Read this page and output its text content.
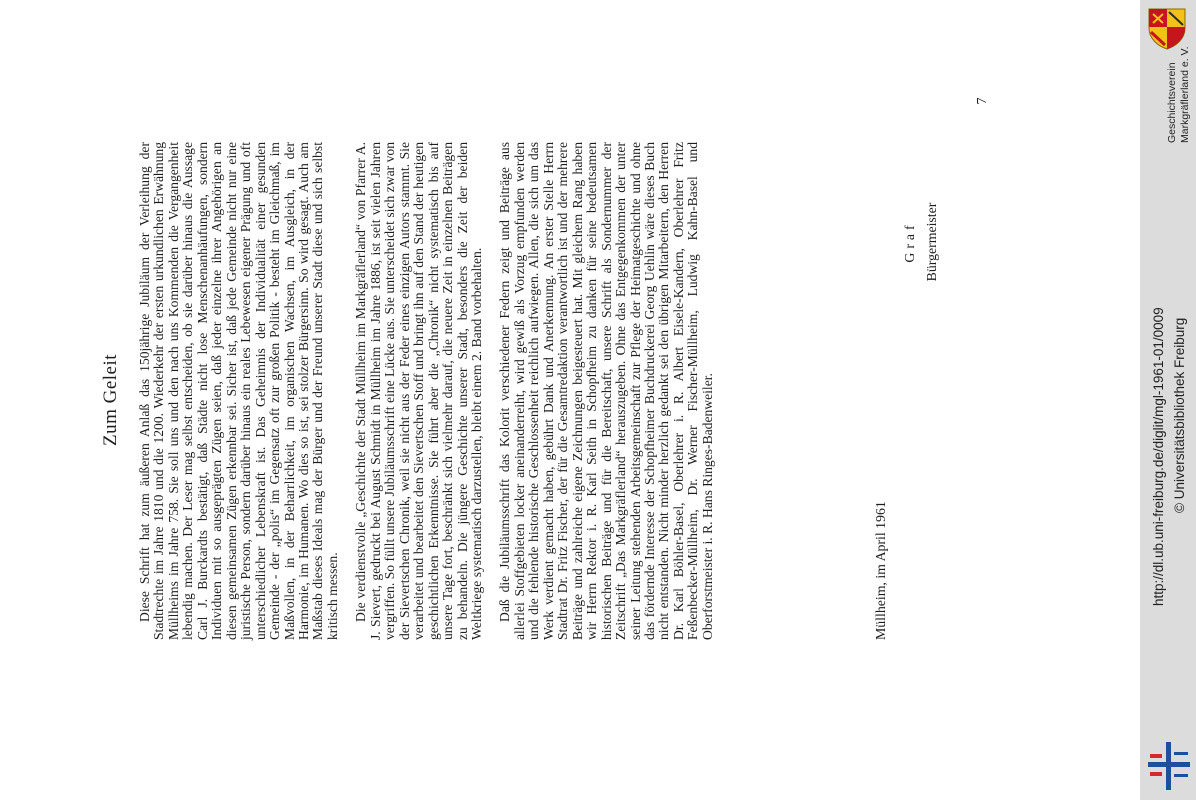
Zum Geleit Diese Schrift hat zum äußeren Anlaß das 150jährige Jubiläum der Verleihung der Stadtrechte im Jahre 1810 und die 1200. Wiederkehr der ersten urkundlichen Erwähnung Müllheims im Jahre 758. Sie soll uns und den nach uns Kommenden die Vergangenheit lebendig machen. Der Leser mag selbst entscheiden, ob sie darüber hinaus die Aussage Carl J. Burckardts bestätigt, daß Städte nicht lose Menschenanhäufungen, sondern Individuen mit so ausgeprägten Zügen seien, daß jeder einzelne ihrer Angehörigen an diesen gemeinsamen Zügen erkennbar sei. Sicher ist, daß jede Gemeinde nicht nur eine juristische Person, sondern darüber hinaus ein reales Lebewesen eigener Prägung und oft unterschiedlicher Lebenskraft ist. Das Geheimnis der Individualität einer gesunden Gemeinde - der „polis“ im Gegensatz oft zur großen Politik - besteht im Gleichmaß, im Maßvollen, in der Beharrlichkeit, im organischen Wachsen, im Ausgleich, in der Harmonie, im Humanen. Wo dies so ist, sei stolzer Bürgersinn. So wird gesagt. Auch am Maßstab dieses Ideals mag der Bürger und der Freund unserer Stadt diese und sich selbst kritisch messen. Die verdienstvolle „Geschichte der Stadt Müllheim im Markgräflerland“ von Pfarrer A. J. Sievert, gedruckt bei August Schmidt in Müllheim im Jahre 1886, ist seit vielen Jahren vergriffen. So füllt unsere Jubiläumsschrift eine Lücke aus. Sie unterscheidet sich zwar von der Sievertschen Chronik, weil sie nicht aus der Feder eines einzigen Autors stammt. Sie verarbeitet und bearbeitet den Sievertschen Stoff und bringt ihn auf den Stand der heutigen geschichtlichen Erkenntnisse. Sie führt aber die „Chronik“ nicht systematisch bis auf unsere Tage fort, beschränkt sich vielmehr darauf, die neuere Zeit in einzelnen Beiträgen zu behandeln. Die jüngere Geschichte unserer Stadt, besonders die Zeit der beiden Weltkriege systematisch darzustellen, bleibt einem 2. Band vorbehalten. Daß die Jubiläumsschrift das Kolorit verschiedener Federn zeigt und Beiträge aus allerlei Stoffgebieten locker aneinanderreiht, wird gewiß als Vorzug empfunden werden und die fehlende historische Geschlossenheit reichlich aufwiegen. Allen, die sich um das Werk verdient gemacht haben, gebührt Dank und Anerkennung. An erster Stelle Herrn Stadtrat Dr. Fritz Fischer, der für die Gesamtredaktion verantwortlich ist und der mehrere Beiträge und zahlreiche eigene Zeichnungen beigesteuert hat. Mit gleichem Rang haben wir Herrn Rektor i. R. Karl Seith in Schopfheim zu danken für seine bedeutsamen historischen Beiträge und für die Bereitschaft, unsere Schrift als Sondernummer der Zeitschrift „Das Markgräflerland“ herauszugeben. Ohne das Entgegenkommen der unter seiner Leitung stehenden Arbeitsgemeinschaft zur Pflege der Heimatgeschichte und ohne das fördernde Interesse der Schopfheimer Buchdruckerei Georg Uehlin wäre dieses Buch nicht entstanden. Nicht minder herzlich gedankt sei den übrigen Mitarbeitern, den Herren Dr. Karl Böhler-Basel, Oberlehrer i. R. Albert Eisele-Kandern, Oberlehrer Fritz Feßenbecker-Müllheim, Dr. Werner Fischer-Müllheim, Ludwig Kahn-Basel und Oberforstmeister i. R. Hans Ringes-Badenweiler.	Müllheim, im April 1961
Graf Bürgermeister
7	Geschichtsverein Markgräflerland e. V.
http://dl.ub.uni-freiburg.de/diglit/mgl-1961-01/0009 © Universitätsbibliothek Freiburg
